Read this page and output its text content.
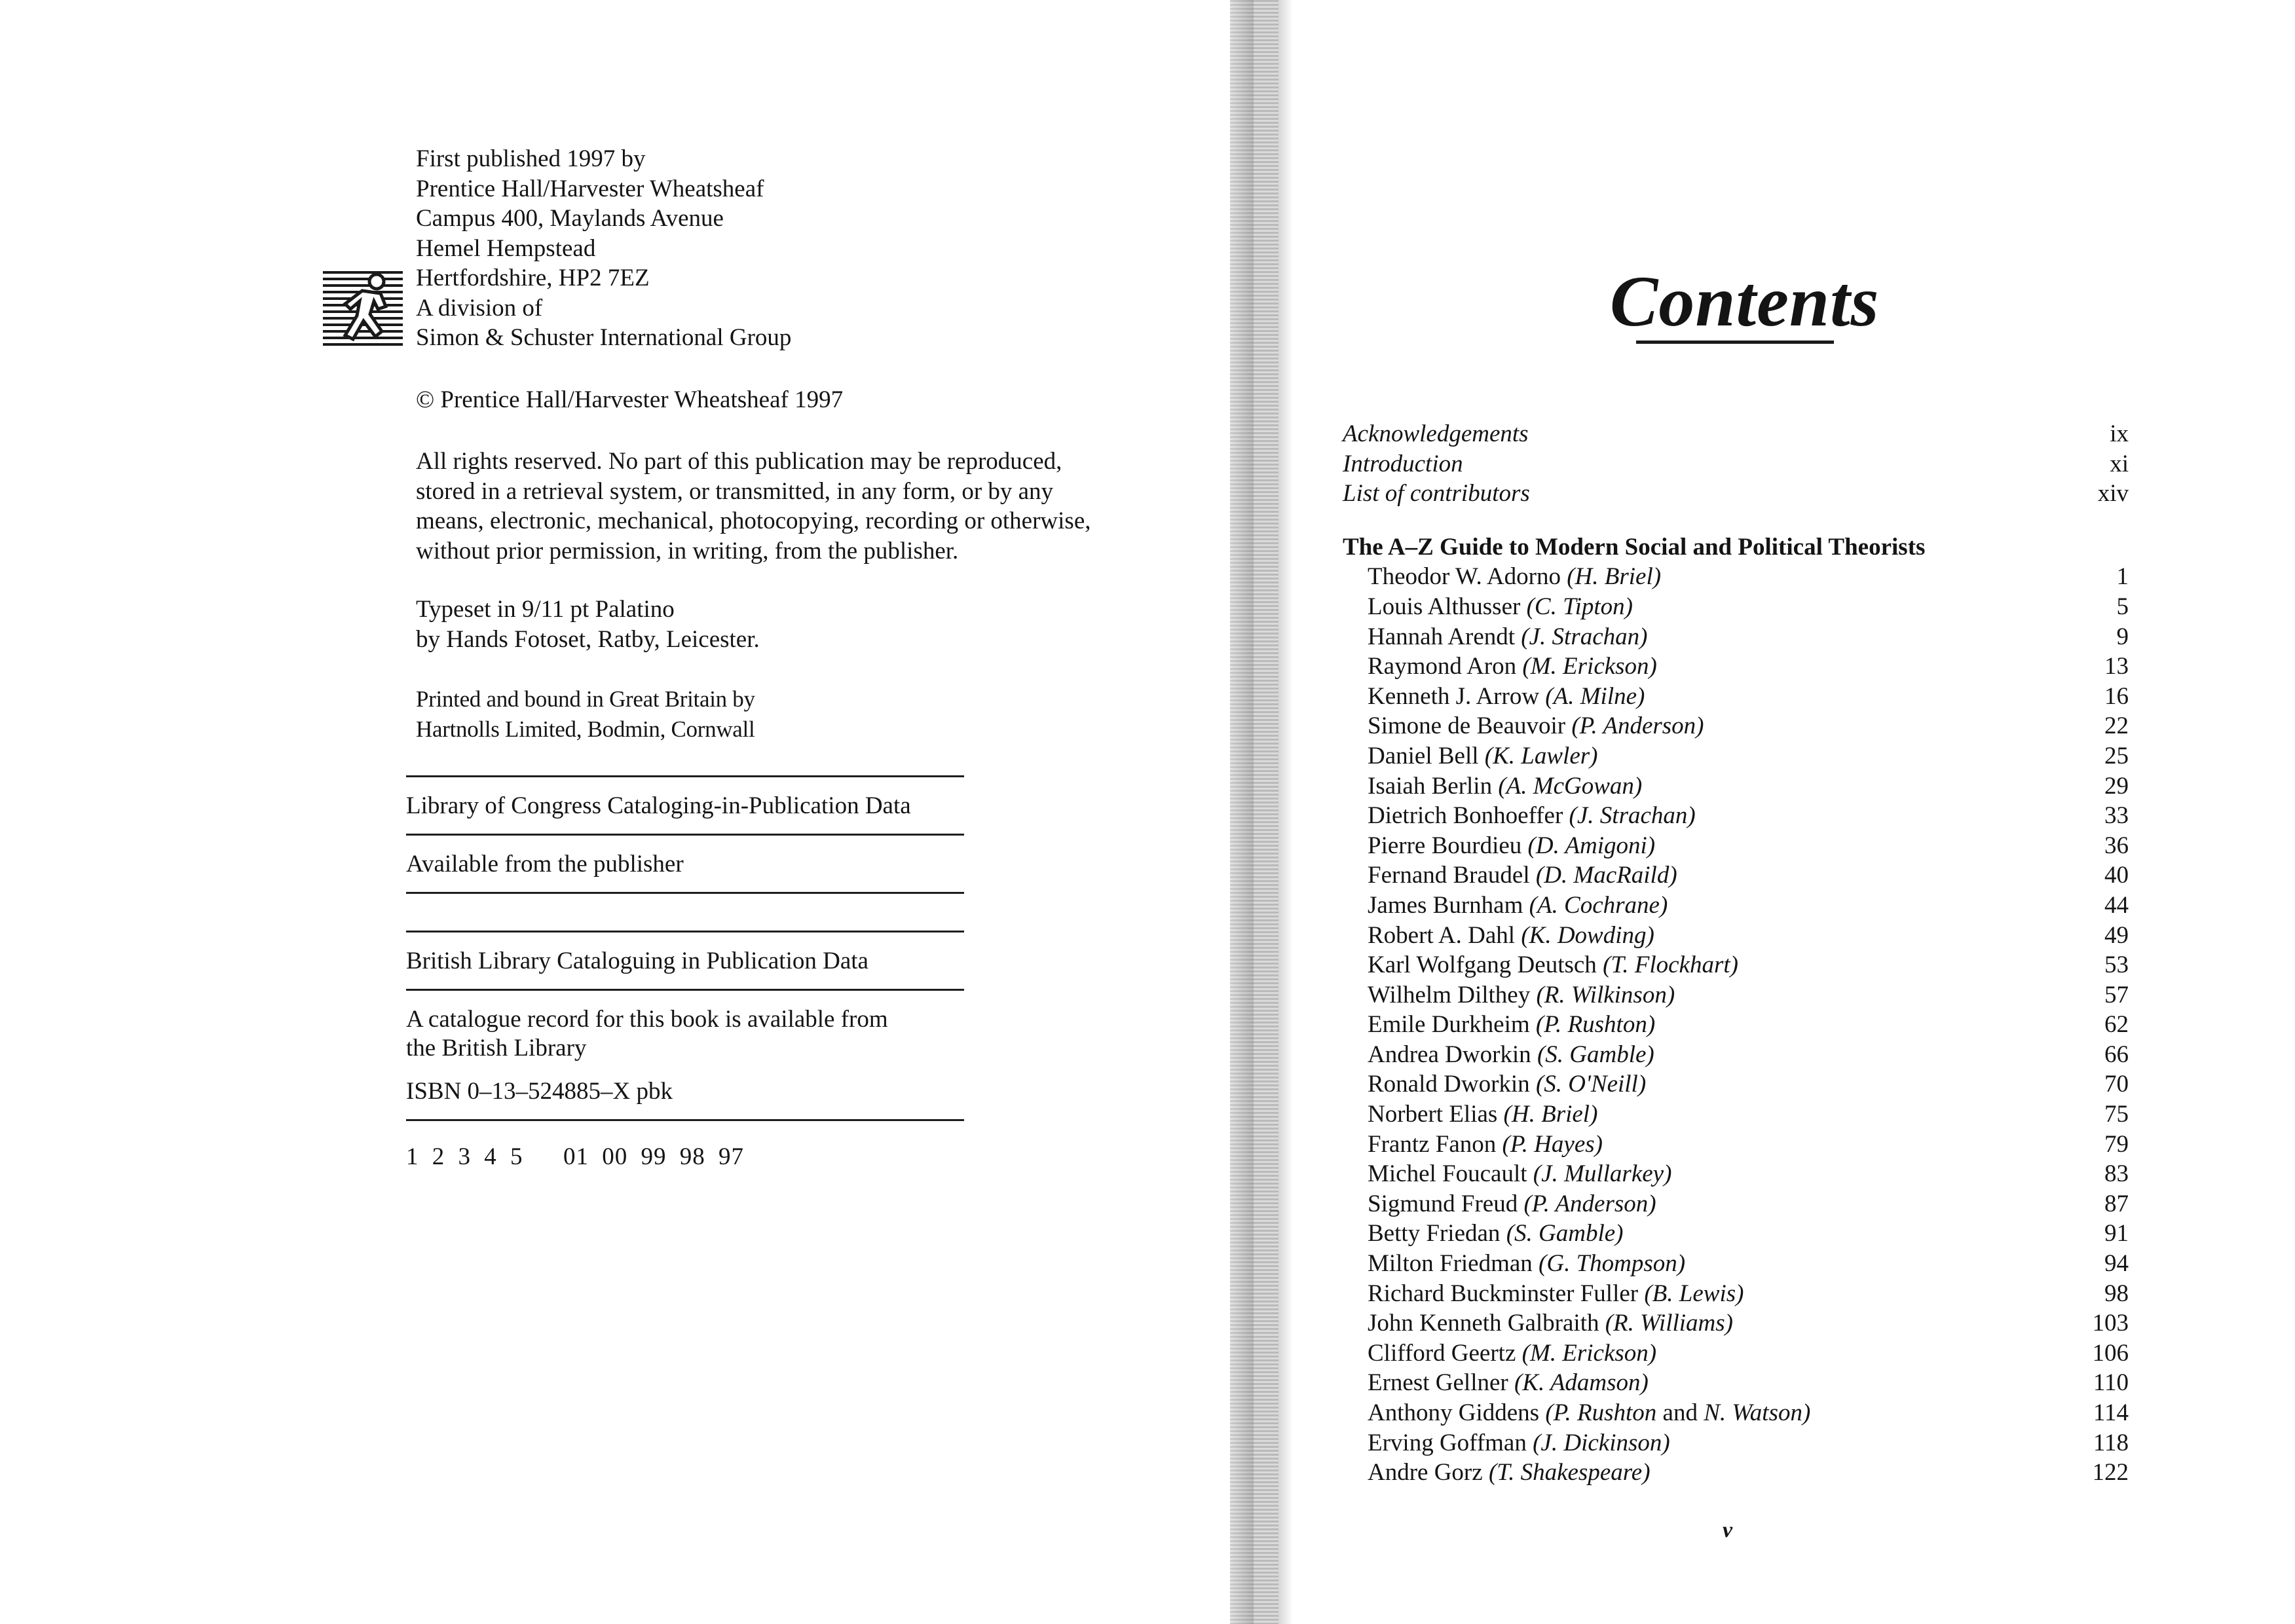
First published 1997 by
Prentice Hall/Harvester Wheatsheaf
Campus 400, Maylands Avenue
Hemel Hempstead
Hertfordshire, HP2 7EZ
A division of
Simon & Schuster International Group
© Prentice Hall/Harvester Wheatsheaf 1997
All rights reserved. No part of this publication may be reproduced,
stored in a retrieval system, or transmitted, in any form, or by any
means, electronic, mechanical, photocopying, recording or otherwise,
without prior permission, in writing, from the publisher.
Typeset in 9/11 pt Palatino
by Hands Fotoset, Ratby, Leicester.
Printed and bound in Great Britain by
Hartnolls Limited, Bodmin, Cornwall
Library of Congress Cataloging-in-Publication Data
Available from the publisher
British Library Cataloguing in Publication Data
A catalogue record for this book is available from
the British Library
ISBN 0–13–524885–X pbk
1 2 3 4 5 01 00 99 98 97
Contents
Acknowledgements	ix
Introduction	xi
List of contributors	xiv
The A–Z Guide to Modern Social and Political Theorists
Theodor W. Adorno (H. Briel)	1
Louis Althusser (C. Tipton)	5
Hannah Arendt (J. Strachan)	9
Raymond Aron (M. Erickson)	13
Kenneth J. Arrow (A. Milne)	16
Simone de Beauvoir (P. Anderson)	22
Daniel Bell (K. Lawler)	25
Isaiah Berlin (A. McGowan)	29
Dietrich Bonhoeffer (J. Strachan)	33
Pierre Bourdieu (D. Amigoni)	36
Fernand Braudel (D. MacRaild)	40
James Burnham (A. Cochrane)	44
Robert A. Dahl (K. Dowding)	49
Karl Wolfgang Deutsch (T. Flockhart)	53
Wilhelm Dilthey (R. Wilkinson)	57
Emile Durkheim (P. Rushton)	62
Andrea Dworkin (S. Gamble)	66
Ronald Dworkin (S. O'Neill)	70
Norbert Elias (H. Briel)	75
Frantz Fanon (P. Hayes)	79
Michel Foucault (J. Mullarkey)	83
Sigmund Freud (P. Anderson)	87
Betty Friedan (S. Gamble)	91
Milton Friedman (G. Thompson)	94
Richard Buckminster Fuller (B. Lewis)	98
John Kenneth Galbraith (R. Williams)	103
Clifford Geertz (M. Erickson)	106
Ernest Gellner (K. Adamson)	110
Anthony Giddens (P. Rushton and N. Watson)	114
Erving Goffman (J. Dickinson)	118
Andre Gorz (T. Shakespeare)	122
v
